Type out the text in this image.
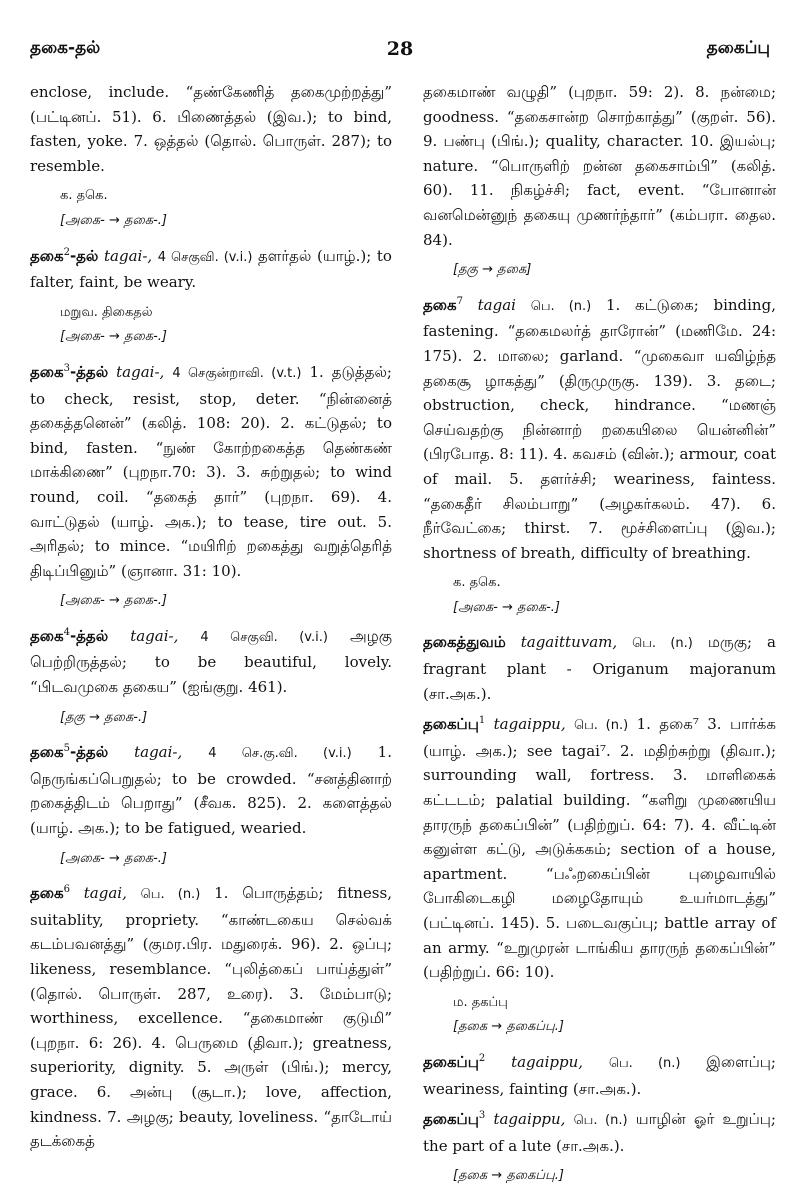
தகை-தல்	28	தகைப்பு
enclose, include. “தண்கேணித் தகைமுற்றத்து” (பட்டினப். 51). 6. பிணைத்தல் (இவ.); to bind, fasten, yoke. 7. ஒத்தல் (தொல். பொருள். 287); to resemble.
க. தகெ.
[அகை- → தகை-.]
தகை$^2$-தல் tagai-, 4 செகுவி. (v.i.) தளர்தல் (யாழ்.); to falter, faint, be weary.
மறுவ. திகைதல்
[அகை- → தகை-.]
தகை$^3$-த்தல் tagai-, 4 செகுன்றாவி. (v.t.) 1. தடுத்தல்; to check, resist, stop, deter. “நின்னைத் தகைத்தனென்” (கலித். 108: 20). 2. கட்டுதல்; to bind, fasten. “நுண் கோற்றகைத்த தெண்கண் மாக்கிணை” (புறநா.70: 3). 3. சுற்றுதல்; to wind round, coil. “தகைத் தார்” (புறநா. 69). 4. வாட்டுதல் (யாழ். அக.); to tease, tire out. 5. அரிதல்; to mince. “மயிரிற் றகைத்து வறுத்தெரித் திடிப்பினும்” (ஞானா. 31: 10).
[அகை- → தகை-.]
தகை$^4$-த்தல் tagai-, 4 செகுவி. (v.i.) அழகு பெற்றிருத்தல்; to be beautiful, lovely. “பிடவமுகை தகைய” (ஐங்குறு. 461).
[தகு → தகை-.]
தகை$^5$-த்தல் tagai-, 4 செ.கு.வி. (v.i.) 1. நெருங்கப்பெறுதல்; to be crowded. “சனத்தினாற் றகைத்திடம் பெறாது” (சீவக. 825). 2. களைத்தல் (யாழ். அக.); to be fatigued, wearied.
[அகை- → தகை-.]
தகை$^6$ tagai, பெ. (n.) 1. பொருத்தம்; fitness, suitablity, propriety. “காண்டகைய செல்வக் கடம்பவனத்து” (குமர.பிர. மதுரைக். 96). 2. ஒப்பு; likeness, resemblance. “புலித்கைப் பாய்த்துள்” (தொல். பொருள். 287, உரை). 3. மேம்பாடு; worthiness, excellence. “தகைமாண் குடுமி” (புறநா. 6: 26). 4. பெருமை (திவா.); greatness, superiority, dignity. 5. அருள் (பிங்.); mercy, grace. 6. அன்பு (சூடா.); love, affection, kindness. 7. அழகு; beauty, loveliness. “தாடோய் தடக்கைத்
தகைமாண் வழுதி” (புறநா. 59: 2). 8. நன்மை; goodness. “தகைசான்ற சொற்காத்து” (குறள். 56). 9. பண்பு (பிங்.); quality, character. 10. இயல்பு; nature. “பொருளிற் றன்ன தகைசாம்பி” (கலித். 60). 11. நிகழ்ச்சி; fact, event. “போனான் வனமென்னுந் தகையு முணர்ந்தார்” (கம்பரா. தைல. 84).
[தகு → தகை]
தகை$^7$ tagai பெ. (n.) 1. கட்டுகை; binding, fastening. “தகைமலர்த் தாரோன்” (மணிமே. 24: 175). 2. மாலை; garland. “முகைவா யவிழ்ந்த தகைசூ ழாகத்து” (திருமுருகு. 139). 3. தடை; obstruction, check, hindrance. “மணஞ் செய்வதற்கு நின்னாற் றகையிலை யென்னின்” (பிரபோத. 8: 11). 4. கவசம் (வின்.); armour, coat of mail. 5. தளர்ச்சி; weariness, faintess. “தகைதீர் சிலம்பாறு” (அழகர்கலம். 47). 6. நீர்வேட்கை; thirst. 7. மூச்சிளைப்பு (இவ.); shortness of breath, difficulty of breathing.
க. தகெ.
[அகை- → தகை-.]
தகைத்துவம் tagaittuvam, பெ. (n.) மருகு; a fragrant plant - Origanum majoranum (சா.அக.).
தகைப்பு$^1$ tagaippu, பெ. (n.) 1. தகை⁷ 3. பார்க்க (யாழ். அக.); see tagai⁷. 2. மதிற்சுற்று (திவா.); surrounding wall, fortress. 3. மாளிகைக் கட்டடம்; palatial building. “களிறு முணையிய தாரருந் தகைப்பின்” (பதிற்றுப். 64: 7). 4. வீட்டின் கனுள்ள கட்டு, அடுக்ககம்; section of a house, apartment. “பஃறகைப்பின் புழைவாயில் போகிடைகழி மழைதோயும் உயர்மாடத்து” (பட்டினப். 145). 5. படைவகுப்பு; battle array of an army. “உறுமுரன் டாங்கிய தாரருந் தகைப்பின்” (பதிற்றுப். 66: 10).
ம. தகப்பு
[தகை → தகைப்பு.]
தகைப்பு$^2$ tagaippu, பெ. (n.) இளைப்பு; weariness, fainting (சா.அக.).
தகைப்பு$^3$ tagaippu, பெ. (n.) யாழின் ஓர் உறுப்பு; the part of a lute (சா.அக.).
[தகை → தகைப்பு.]
